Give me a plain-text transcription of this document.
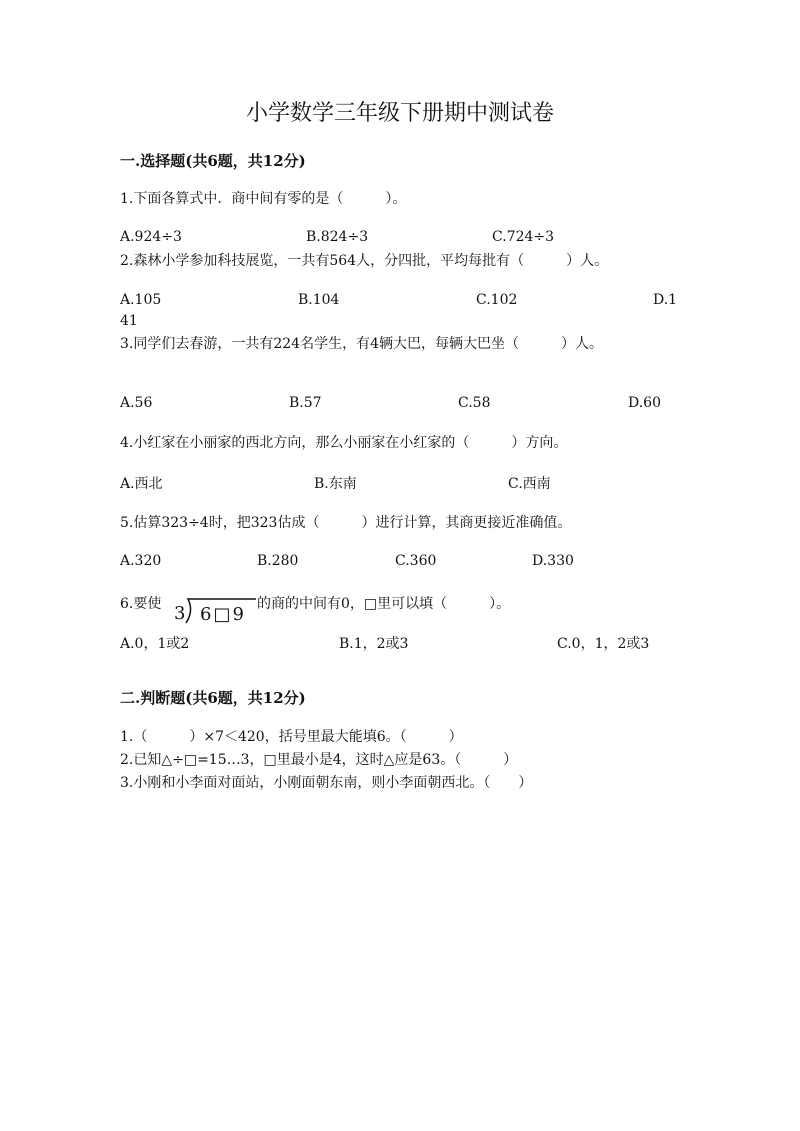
小学数学三年级下册期中测试卷
一.选择题(共6题，共12分)
1.下面各算式中．商中间有零的是（　　　）。
A.924÷3	B.824÷3	C.724÷3
2.森林小学参加科技展览，一共有564人，分四批，平均每批有（　　　）人。
A.105	B.104	C.102	D.1
41
3.同学们去春游，一共有224名学生，有4辆大巴，每辆大巴坐（　　　）人。
A.56	B.57	C.58	D.60
4.小红家在小丽家的西北方向，那么小丽家在小红家的（　　　）方向。
A.西北	B.东南	C.西南
5.估算323÷4时，把323估成（　　　）进行计算，其商更接近准确值。
A.320	B.280	C.360	D.330
6.要使 3 6□9 的商的中间有0，□里可以填（　　　）。
A.0，1或2	B.1，2或3	C.0，1，2或3
二.判断题(共6题，共12分)
1.（　　　）×7＜420，括号里最大能填6。（　　　）
2.已知△÷□=15…3，□里最小是4，这时△应是63。（　　　）
3.小刚和小李面对面站，小刚面朝东南，则小李面朝西北。（　　）
